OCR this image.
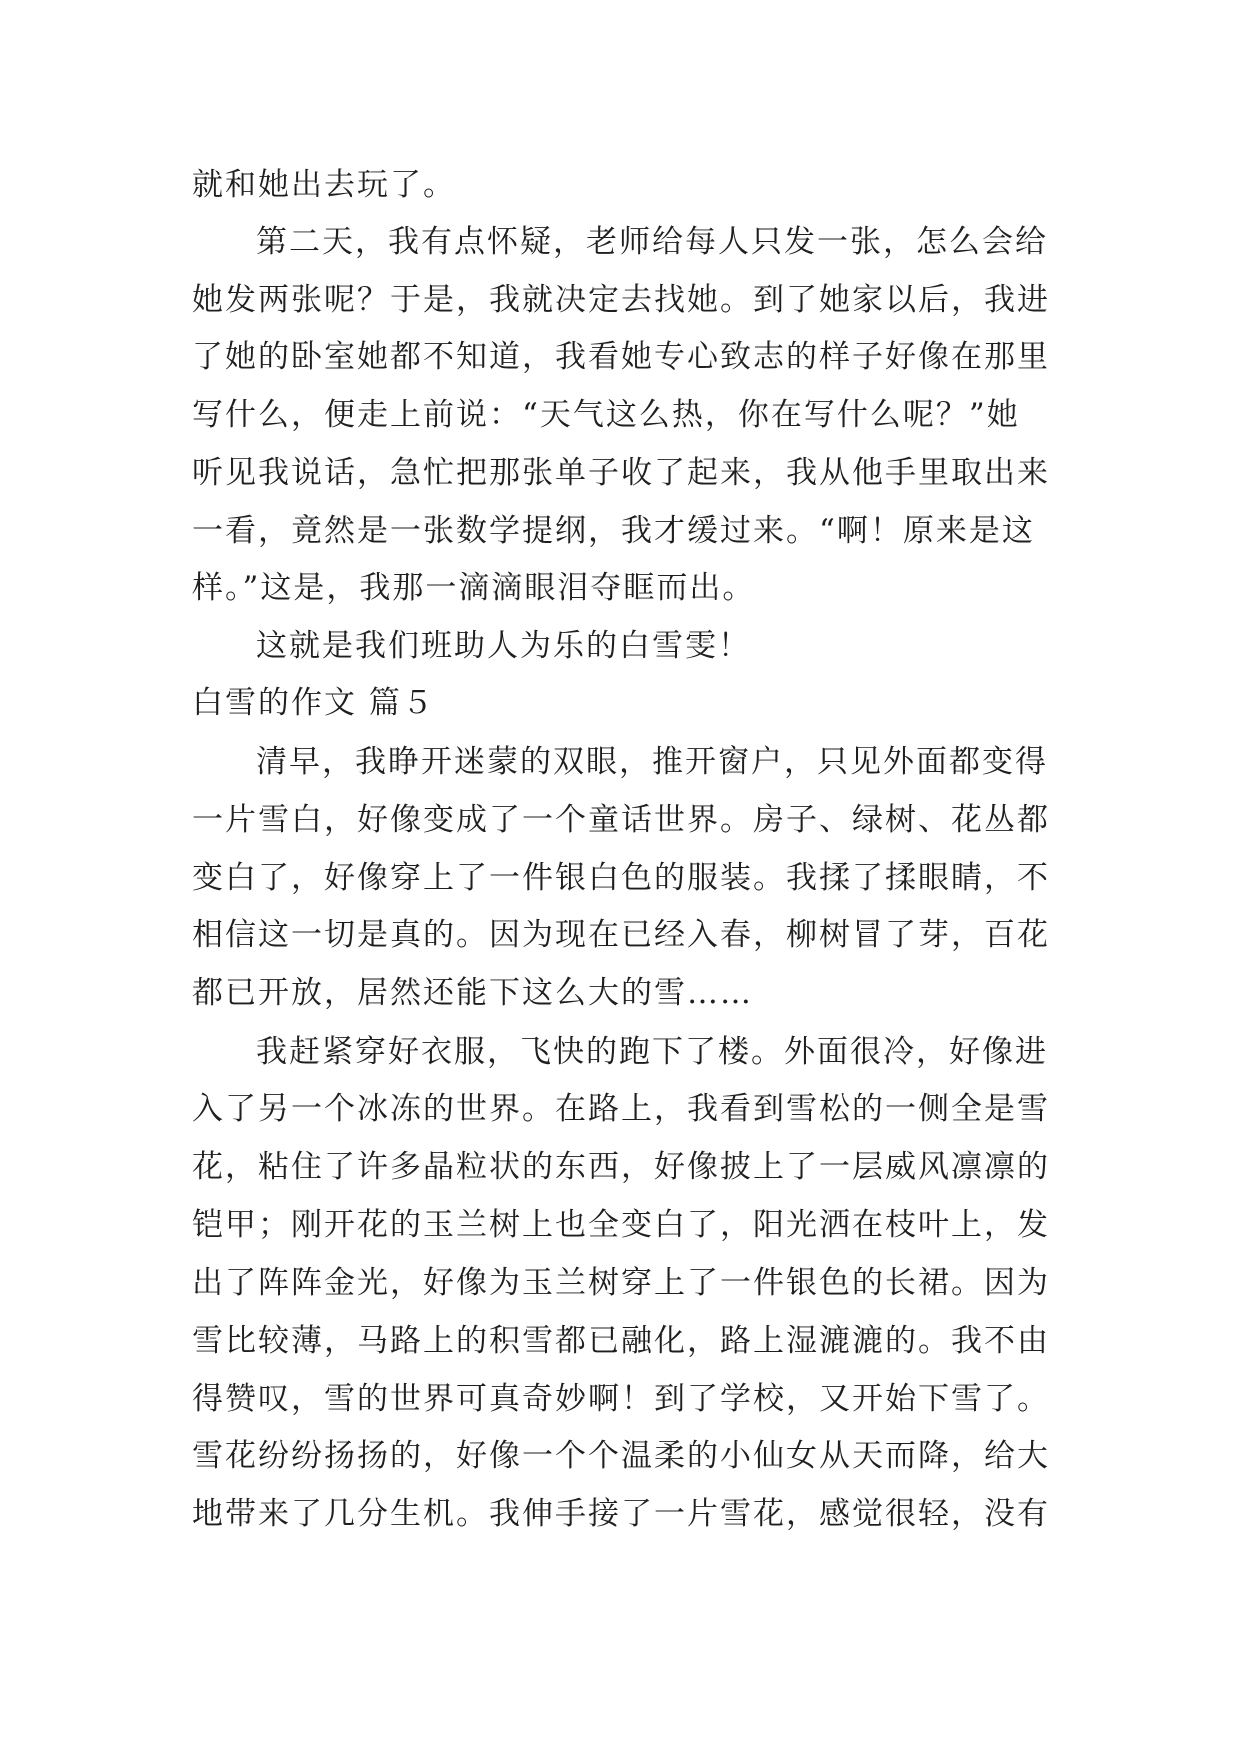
就和她出去玩了。

第二天，我有点怀疑，老师给每人只发一张，怎么会给

她发两张呢？于是，我就决定去找她。到了她家以后，我进

了她的卧室她都不知道，我看她专心致志的样子好像在那里

写什么，便走上前说：“天气这么热，你在写什么呢？”她

听见我说话，急忙把那张单子收了起来，我从他手里取出来

一看，竟然是一张数学提纲，我才缓过来。“啊！原来是这

样。”这是，我那一滴滴眼泪夺眶而出。

这就是我们班助人为乐的白雪雯！

白雪的作文 篇５

清早，我睁开迷蒙的双眼，推开窗户，只见外面都变得

一片雪白，好像变成了一个童话世界。房子、绿树、花丛都

变白了，好像穿上了一件银白色的服装。我揉了揉眼睛，不

相信这一切是真的。因为现在已经入春，柳树冒了芽，百花

都已开放，居然还能下这么大的雪……

我赶紧穿好衣服，飞快的跑下了楼。外面很冷，好像进

入了另一个冰冻的世界。在路上，我看到雪松的一侧全是雪

花，粘住了许多晶粒状的东西，好像披上了一层威风凛凛的

铠甲；刚开花的玉兰树上也全变白了，阳光洒在枝叶上，发

出了阵阵金光，好像为玉兰树穿上了一件银色的长裙。因为

雪比较薄，马路上的积雪都已融化，路上湿漉漉的。我不由

得赞叹，雪的世界可真奇妙啊！到了学校，又开始下雪了。

雪花纷纷扬扬的，好像一个个温柔的小仙女从天而降，给大

地带来了几分生机。我伸手接了一片雪花，感觉很轻，没有
